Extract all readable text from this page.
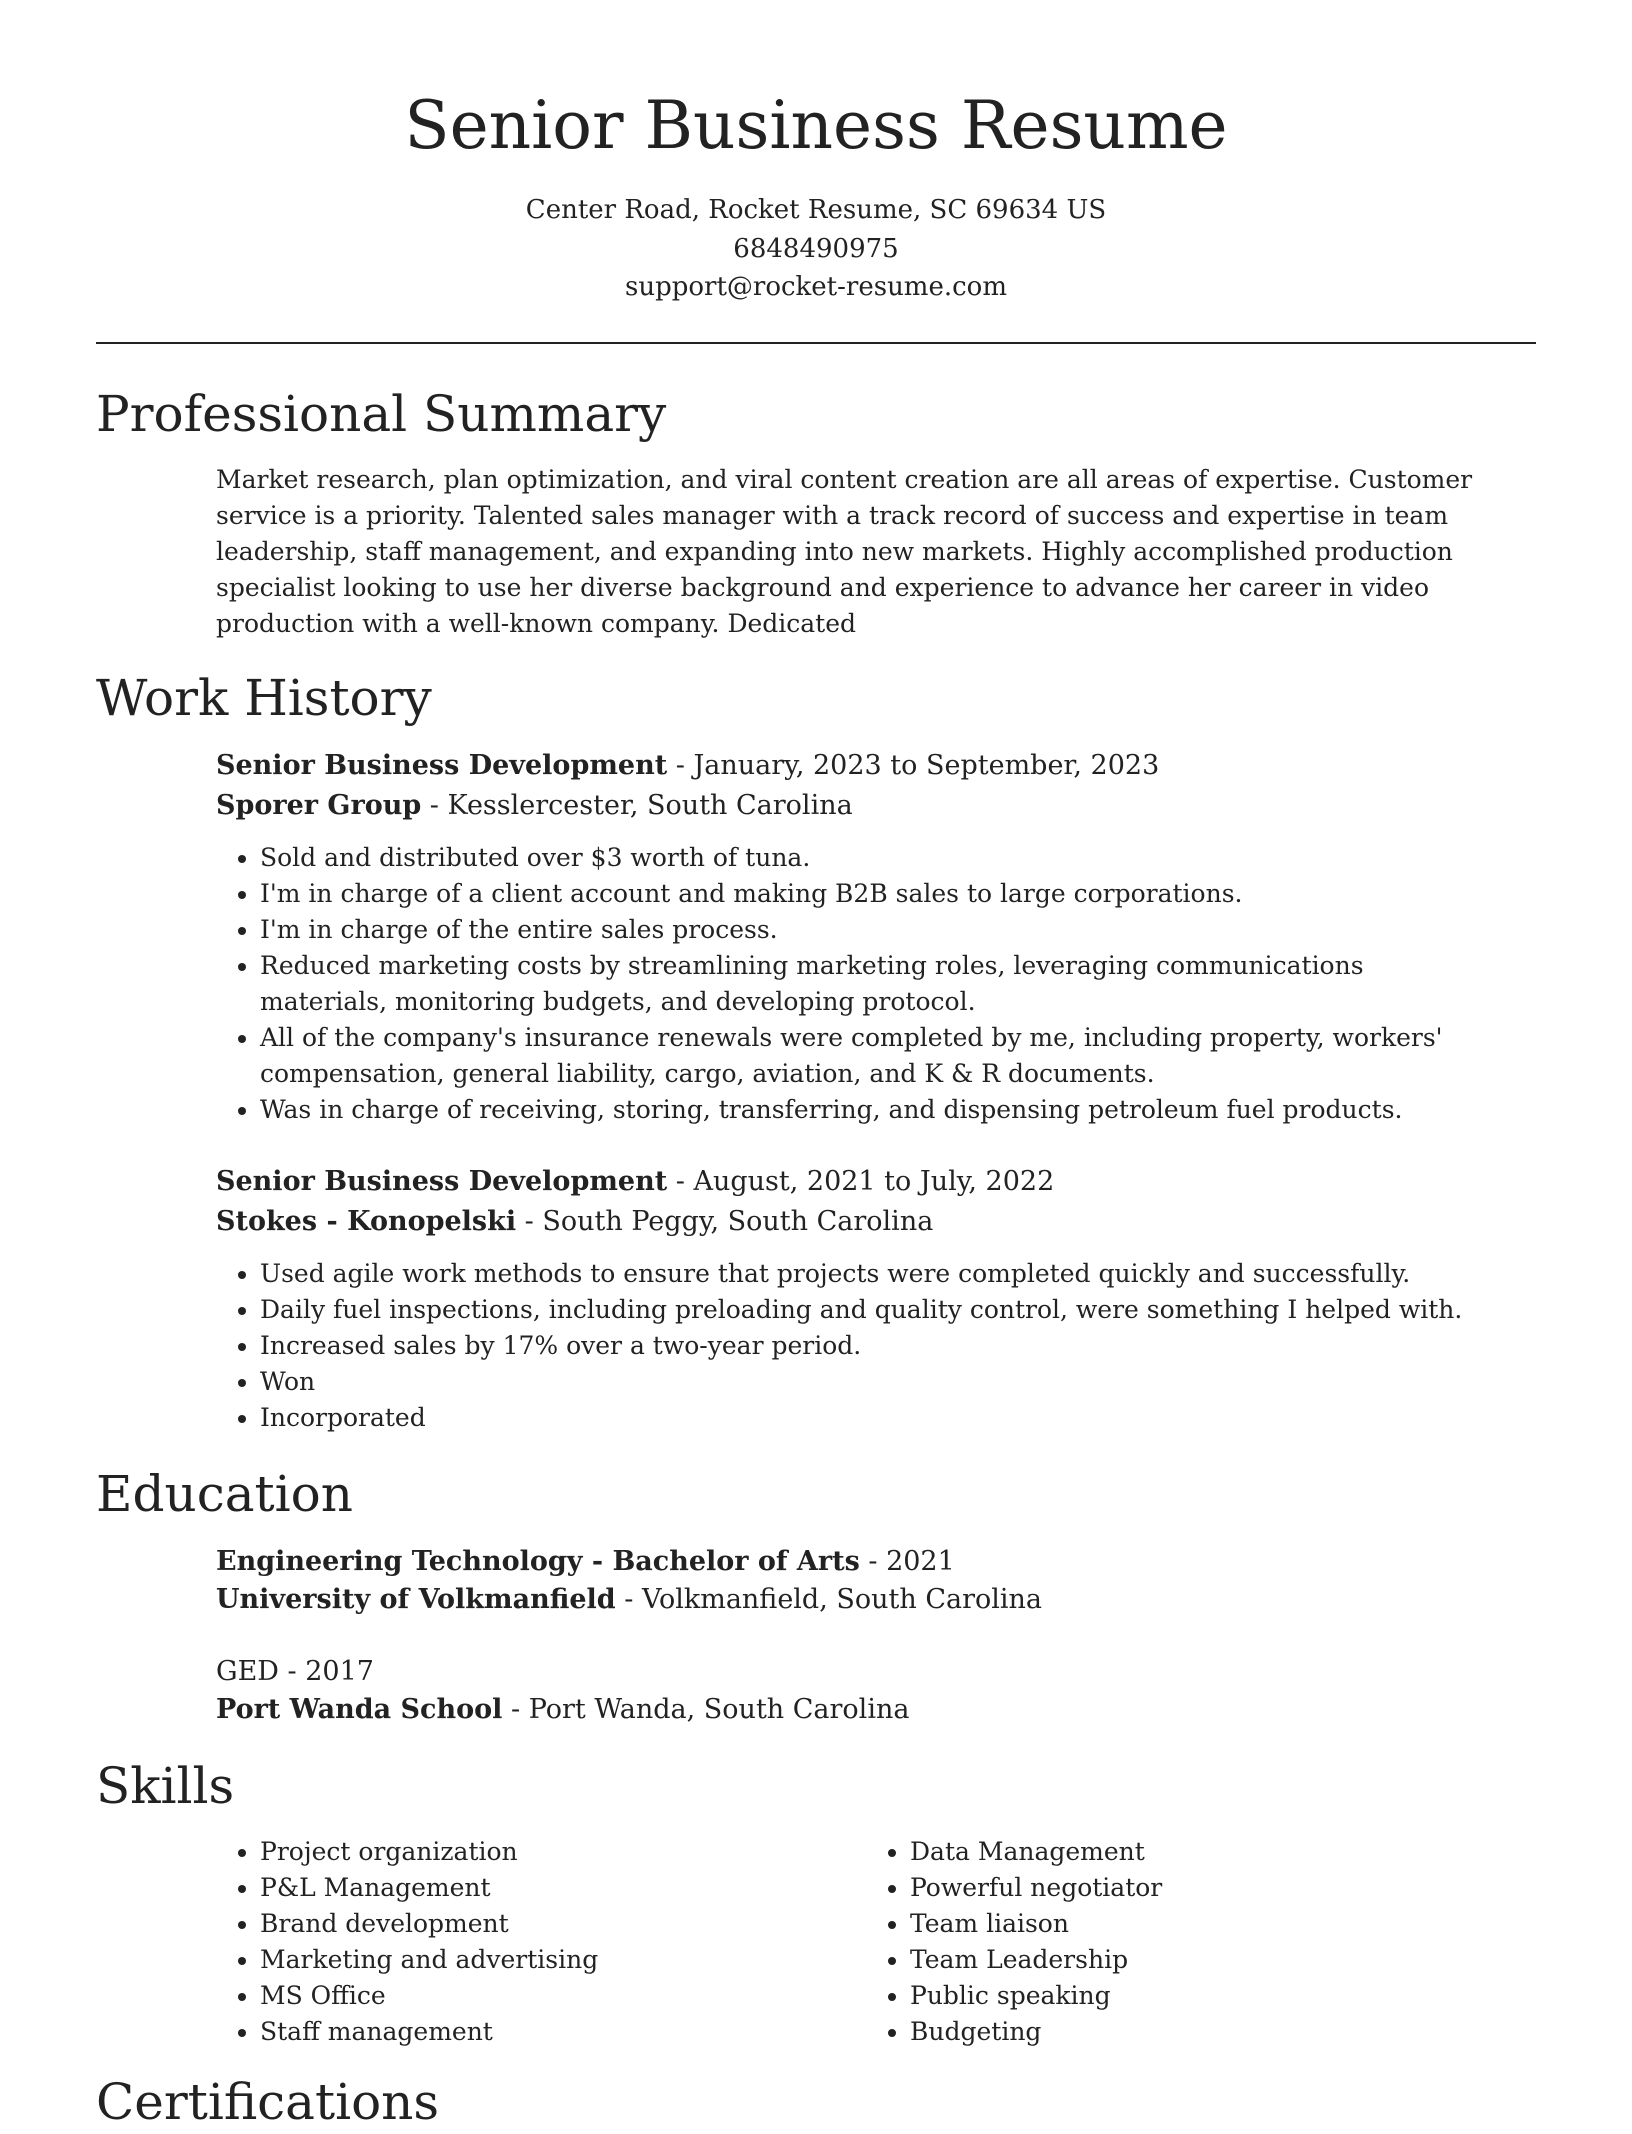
Senior Business Resume
Center Road, Rocket Resume, SC 69634 US
6848490975
support@rocket-resume.com
Professional Summary

Market research, plan optimization, and viral content creation are all areas of expertise. Customer service is a priority. Talented sales manager with a track record of success and expertise in team leadership, staff management, and expanding into new markets. Highly accomplished production specialist looking to use her diverse background and experience to advance her career in video production with a well-known company. Dedicated

Work History
Senior Business Development - January, 2023 to September, 2023
Sporer Group - Kesslercester, South Carolina
• Sold and distributed over $3 worth of tuna.
• I'm in charge of a client account and making B2B sales to large corporations.
• I'm in charge of the entire sales process.
• Reduced marketing costs by streamlining marketing roles, leveraging communications materials, monitoring budgets, and developing protocol.
• All of the company's insurance renewals were completed by me, including property, workers' compensation, general liability, cargo, aviation, and K & R documents.
• Was in charge of receiving, storing, transferring, and dispensing petroleum fuel products.
Senior Business Development - August, 2021 to July, 2022
Stokes - Konopelski - South Peggy, South Carolina
• Used agile work methods to ensure that projects were completed quickly and successfully.
• Daily fuel inspections, including preloading and quality control, were something I helped with.
• Increased sales by 17% over a two-year period.
• Won
• Incorporated
Education
Engineering Technology - Bachelor of Arts - 2021
University of Volkmanfield - Volkmanfield, South Carolina
GED - 2017
Port Wanda School - Port Wanda, South Carolina
Skills
• Project organization
• P&L Management
• Brand development
• Marketing and advertising
• MS Office
• Staff management
• Data Management
• Powerful negotiator
• Team liaison
• Team Leadership
• Public speaking
• Budgeting
Certifications
